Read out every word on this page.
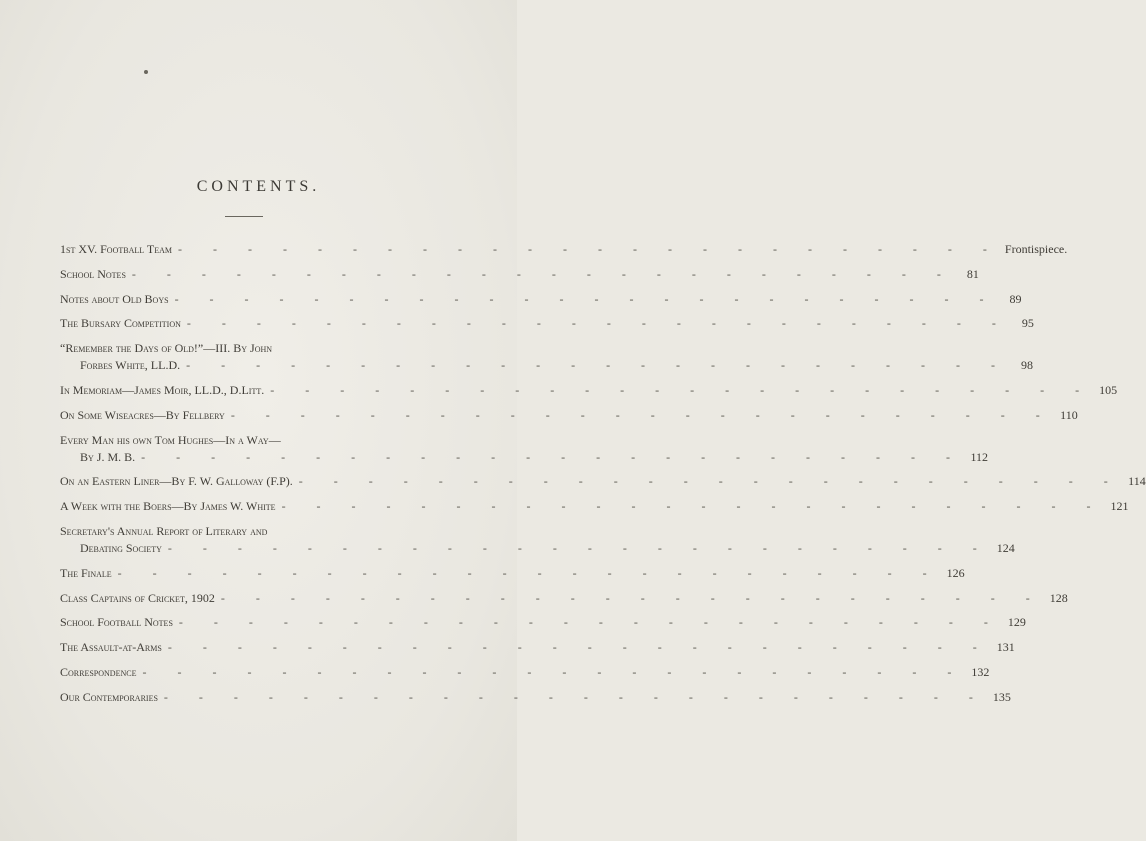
CONTENTS.
1st XV. Football Team - - - - - - - - - - - - - - - - - - - - - - - - Frontispiece.
School Notes - - - - - - - - - - - - - - - - - - - - - - - -	81
Notes about Old Boys - - - - - - - - - - - - - - - - - - - - - - - -	89
The Bursary Competition - - - - - - - - - - - - - - - - - - - - - - - -	95
“Remember the Days of Old!”—III. By John
Forbes White, LL.D. - - - - - - - - - - - - - - - - - - - - - - - -	98
In Memoriam—James Moir, LL.D., D.Litt. - - - - - - - - - - - - - - - - - - - - - - - - 105
On Some Wiseacres—By Fellbery - - - - - - - - - - - - - - - - - - - - - - - - 110
Every Man his own Tom Hughes—In a Way—
By J. M. B. - - - - - - - - - - - - - - - - - - - - - - - - 112
On an Eastern Liner—By F. W. Galloway (F.P). - - - - - - - - - - - - - - - - - - - - - - - - 114
A Week with the Boers—By James W. White - - - - - - - - - - - - - - - - - - - - - - - - 121
Secretary's Annual Report of Literary and
Debating Society - - - - - - - - - - - - - - - - - - - - - - - - 124
The Finale - - - - - - - - - - - - - - - - - - - - - - - - 126
Class Captains of Cricket, 1902 - - - - - - - - - - - - - - - - - - - - - - - - 128
School Football Notes - - - - - - - - - - - - - - - - - - - - - - - - 129
The Assault-at-Arms - - - - - - - - - - - - - - - - - - - - - - - - 131
Correspondence - - - - - - - - - - - - - - - - - - - - - - - - 132
Our Contemporaries - - - - - - - - - - - - - - - - - - - - - - - - 135
